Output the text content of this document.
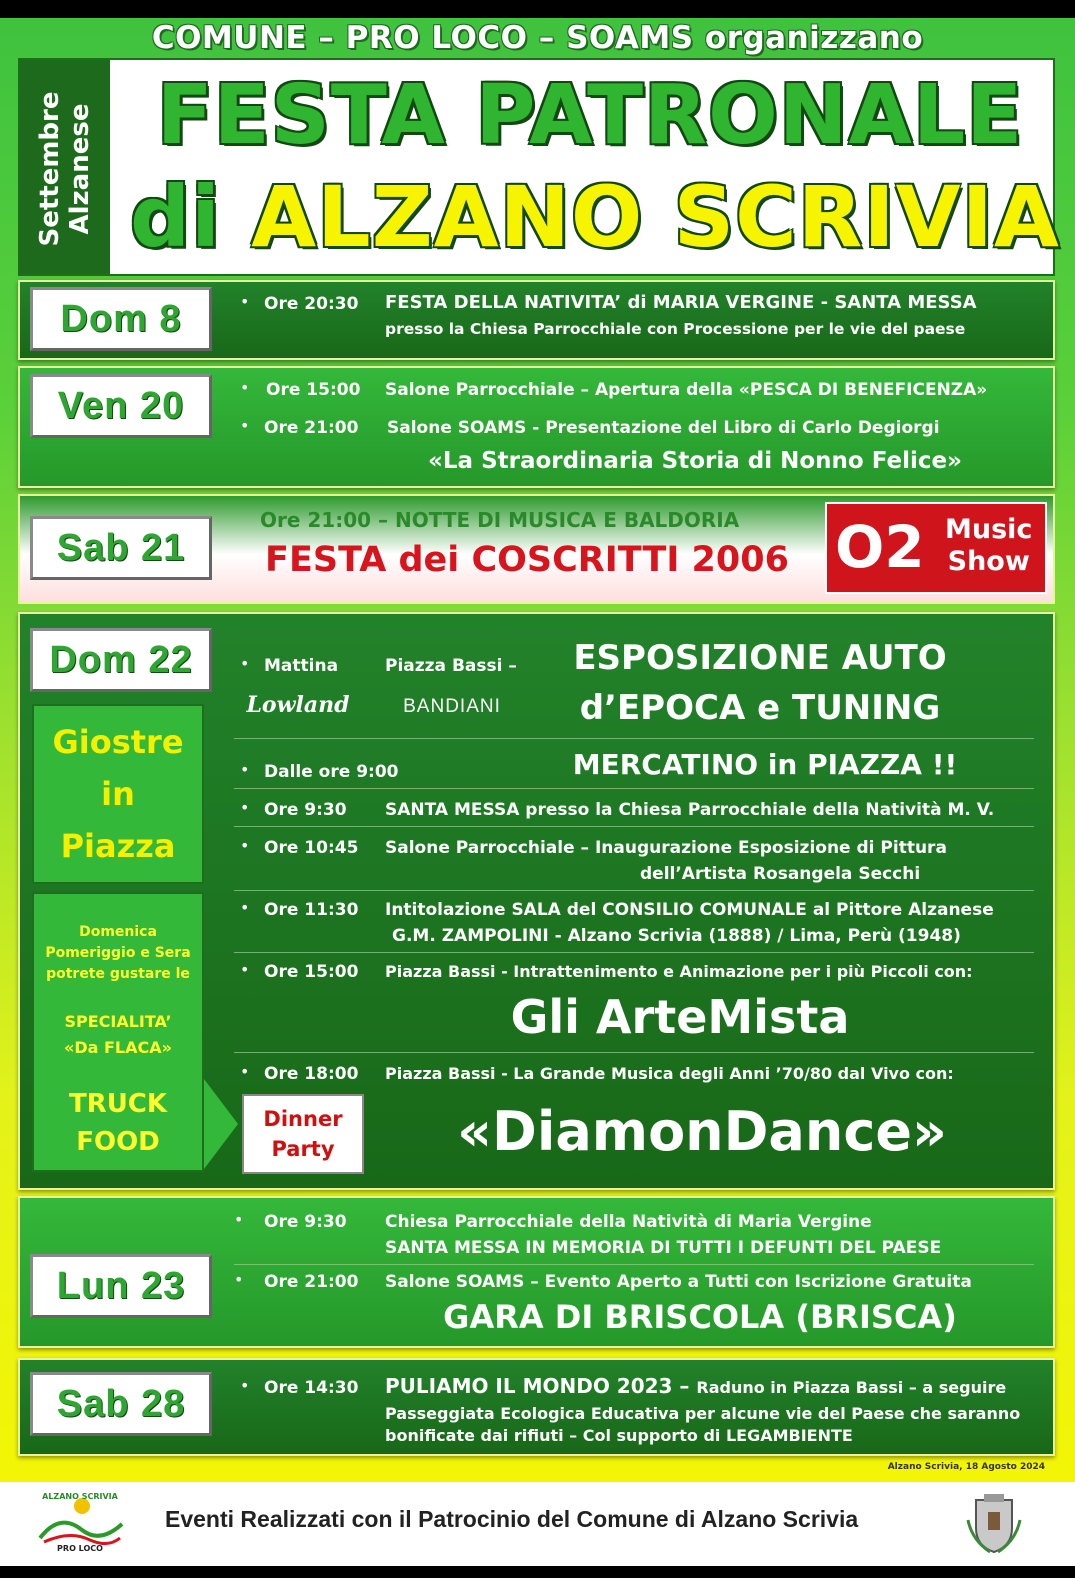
COMUNE – PRO LOCO – SOAMS organizzano
Settembre Alzanese FESTA PATRONALE
di ALZANO SCRIVIA
Dom 8	• Ore 20:30 FESTA DELLA NATIVITA’ di MARIA VERGINE - SANTA MESSA
presso la Chiesa Parrocchiale con Processione per le vie del paese
Ven 20	• Ore 15:00 Salone Parrocchiale – Apertura della «PESCA DI BENEFICENZA»
• Ore 21:00 Salone SOAMS - Presentazione del Libro di Carlo Degiorgi
«La Straordinaria Storia di Nonno Felice»
Sab 21
Ore 21:00 – NOTTE DI MUSICA E BALDORIA
FESTA dei COSCRITTI 2006 O2 Music
Show
Dom 22
Giostre
in
Piazza
Domenica
Pomeriggio e Sera
potrete gustare le
SPECIALITA’
«Da FLACA»
TRUCK
FOOD
• Mattina	Piazza Bassi –
Lowland	BANDIANI
ESPOSIZIONE AUTO
d’EPOCA e TUNING
• Dalle ore 9:00	MERCATINO in PIAZZA !!
• Ore 9:30 SANTA MESSA presso la Chiesa Parrocchiale della Natività M. V.
• Ore 10:45 Salone Parrocchiale – Inaugurazione Esposizione di Pittura
dell’Artista Rosangela Secchi
• Ore 11:30 Intitolazione SALA del CONSILIO COMUNALE al Pittore Alzanese
G.M. ZAMPOLINI - Alzano Scrivia (1888) / Lima, Perù (1948)
• Ore 15:00 Piazza Bassi - Intrattenimento e Animazione per i più Piccoli con:
Gli ArteMista
• Ore 18:00 Piazza Bassi - La Grande Musica degli Anni ’70/80 dal Vivo con:
Dinner
Party	«DiamonDance»
Lun 23
• Ore 9:30 Chiesa Parrocchiale della Natività di Maria Vergine
SANTA MESSA IN MEMORIA DI TUTTI I DEFUNTI DEL PAESE
• Ore 21:00 Salone SOAMS – Evento Aperto a Tutti con Iscrizione Gratuita
GARA DI BRISCOLA (BRISCA)
Sab 28	• Ore 14:30 PULIAMO IL MONDO 2023 – Raduno in Piazza Bassi – a seguire
Passeggiata Ecologica Educativa per alcune vie del Paese che saranno
bonificate dai rifiuti – Col supporto di LEGAMBIENTE
Alzano Scrivia, 18 Agosto 2024
ALZANO SCRIVIA
PRO LOCO
Eventi Realizzati con il Patrocinio del Comune di Alzano Scrivia
